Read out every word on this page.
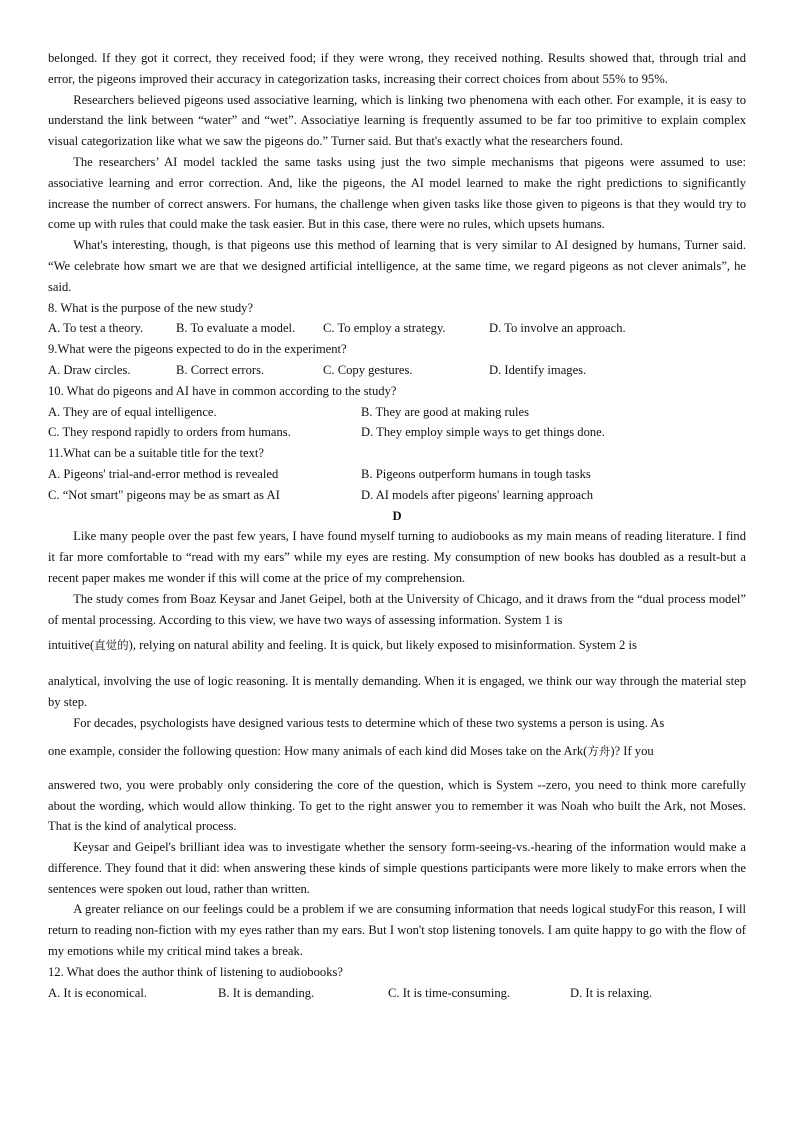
belonged. If they got it correct, they received food; if they were wrong, they received nothing. Results showed that, through trial and error, the pigeons improved their accuracy in categorization tasks, increasing their correct choices from about 55% to 95%.

Researchers believed pigeons used associative learning, which is linking two phenomena with each other. For example, it is easy to understand the link between “water” and “wet”. Associatiye learning is frequently assumed to be far too primitive to explain complex visual categorization like what we saw the pigeons do.” Turner said. But that's exactly what the researchers found.

The researchers’ AI model tackled the same tasks using just the two simple mechanisms that pigeons were assumed to use: associative learning and error correction. And, like the pigeons, the AI model learned to make the right predictions to significantly increase the number of correct answers. For humans, the challenge when given tasks like those given to pigeons is that they would try to come up with rules that could make the task easier. But in this case, there were no rules, which upsets humans.

What's interesting, though, is that pigeons use this method of learning that is very similar to AI designed by humans, Turner said. “We celebrate how smart we are that we designed artificial intelligence, at the same time, we regard pigeons as not clever animals”, he said.

8. What is the purpose of the new study?

A. To test a theory.	B. To evaluate a model.	C. To employ a strategy.	D. To involve an approach.

9.What were the pigeons expected to do in the experiment?

A. Draw circles.	B. Correct errors.	C. Copy gestures.	D. Identify images.

10. What do pigeons and AI have in common according to the study?

A. They are of equal intelligence.	B. They are good at making rules
C. They respond rapidly to orders from humans.	D. They employ simple ways to get things done.

11.What can be a suitable title for the text?

A. Pigeons' trial-and-error method is revealed	B. Pigeons outperform humans in tough tasks
C. “Not smart" pigeons may be as smart as AI	D. AI models after pigeons' learning approach

D

Like many people over the past few years, I have found myself turning to audiobooks as my main means of reading literature. I find it far more comfortable to “read with my ears” while my eyes are resting. My consumption of new books has doubled as a result-but a recent paper makes me wonder if this will come at the price of my comprehension.

The study comes from Boaz Keysar and Janet Geipel, both at the University of Chicago, and it draws from the “dual process model” of mental processing. According to this view, we have two ways of assessing information. System 1 is

intuitive(直觉的), relying on natural ability and feeling. It is quick, but likely exposed to misinformation. System 2 is

analytical, involving the use of logic reasoning. It is mentally demanding. When it is engaged, we think our way through the material step by step.

For decades, psychologists have designed various tests to determine which of these two systems a person is using. As

one example, consider the following question: How many animals of each kind did Moses take on the Ark(方舟)? If you

answered two, you were probably only considering the core of the question, which is System --zero, you need to think more carefully about the wording, which would allow thinking. To get to the right answer you to remember it was Noah who built the Ark, not Moses. That is the kind of analytical process.

Keysar and Geipel's brilliant idea was to investigate whether the sensory form-seeing-vs.-hearing of the information would make a difference. They found that it did: when answering these kinds of simple questions participants were more likely to make errors when the sentences were spoken out loud, rather than written.

A greater reliance on our feelings could be a problem if we are consuming information that needs logical studyFor this reason, I will return to reading non-fiction with my eyes rather than my ears. But I won't stop listening tonovels. I am quite happy to go with the flow of my emotions while my critical mind takes a break.

12. What does the author think of listening to audiobooks?

A. It is economical.	B. It is demanding.	C. It is time-consuming.	D. It is relaxing.
